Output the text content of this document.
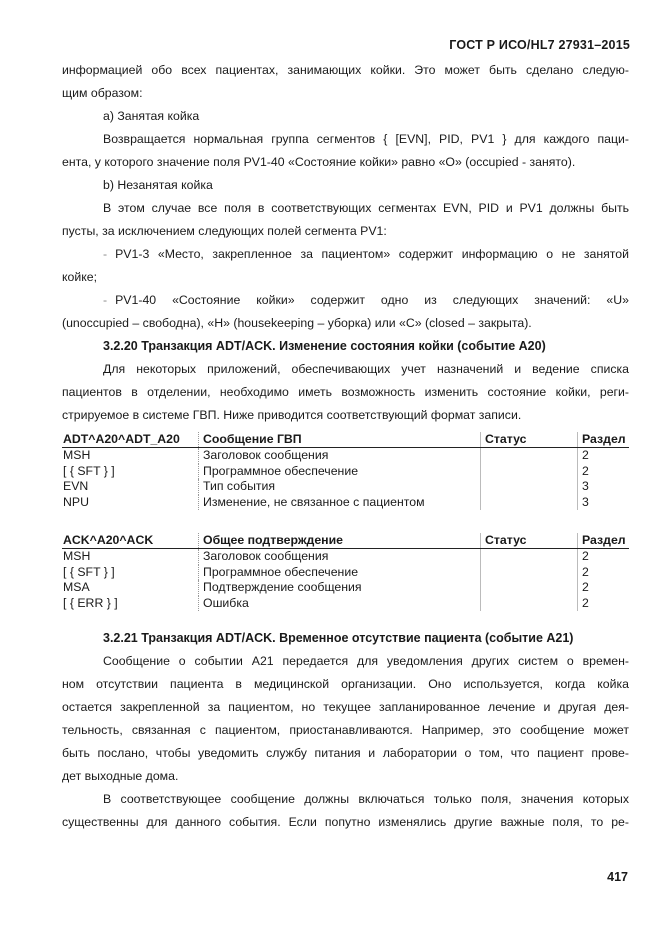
ГОСТ Р ИСО/HL7 27931–2015

информацией обо всех пациентах, занимающих койки. Это может быть сделано следую-

щим образом:

а) Занятая койка

Возвращается нормальная группа сегментов { [EVN], PID, PV1 } для каждого паци-

ента, у которого значение поля PV1-40 «Состояние койки» равно «O» (occupied - занято).

b) Незанятая койка

В этом случае все поля в соответствующих сегментах EVN, PID и PV1 должны быть

пусты, за исключением следующих полей сегмента PV1:

- PV1-3 «Место, закрепленное за пациентом» содержит информацию о не занятой

койке;

- PV1-40 «Состояние койки» содержит одно из следующих значений: «U»

(unoccupied – свободна), «H» (housekeeping – уборка) или «C» (closed – закрыта).

3.2.20 Транзакция ADT/ACK. Изменение состояния койки (событие A20)

Для некоторых приложений, обеспечивающих учет назначений и ведение списка

пациентов в отделении, необходимо иметь возможность изменить состояние койки, реги-

стрируемое в системе ГВП. Ниже приводится соответствующий формат записи.

ADT^A20^ADT_A20	Сообщение ГВП	Статус	Раздел
MSH	Заголовок сообщения		2
[ { SFT } ]	Программное обеспечение		2
EVN	Тип события		3
NPU	Изменение, не связанное с пациентом		3
ACK^A20^ACK	Общее подтверждение	Статус	Раздел
MSH	Заголовок сообщения		2
[ { SFT } ]	Программное обеспечение		2
MSA	Подтверждение сообщения		2
[ { ERR } ]	Ошибка		2
3.2.21 Транзакция ADT/ACK. Временное отсутствие пациента (событие A21)

Сообщение о событии A21 передается для уведомления других систем о времен-

ном отсутствии пациента в медицинской организации. Оно используется, когда койка

остается закрепленной за пациентом, но текущее запланированное лечение и другая дея-

тельность, связанная с пациентом, приостанавливаются. Например, это сообщение может

быть послано, чтобы уведомить службу питания и лаборатории о том, что пациент прове-

дет выходные дома.

В соответствующее сообщение должны включаться только поля, значения которых

существенны для данного события. Если попутно изменялись другие важные поля, то ре-

417
